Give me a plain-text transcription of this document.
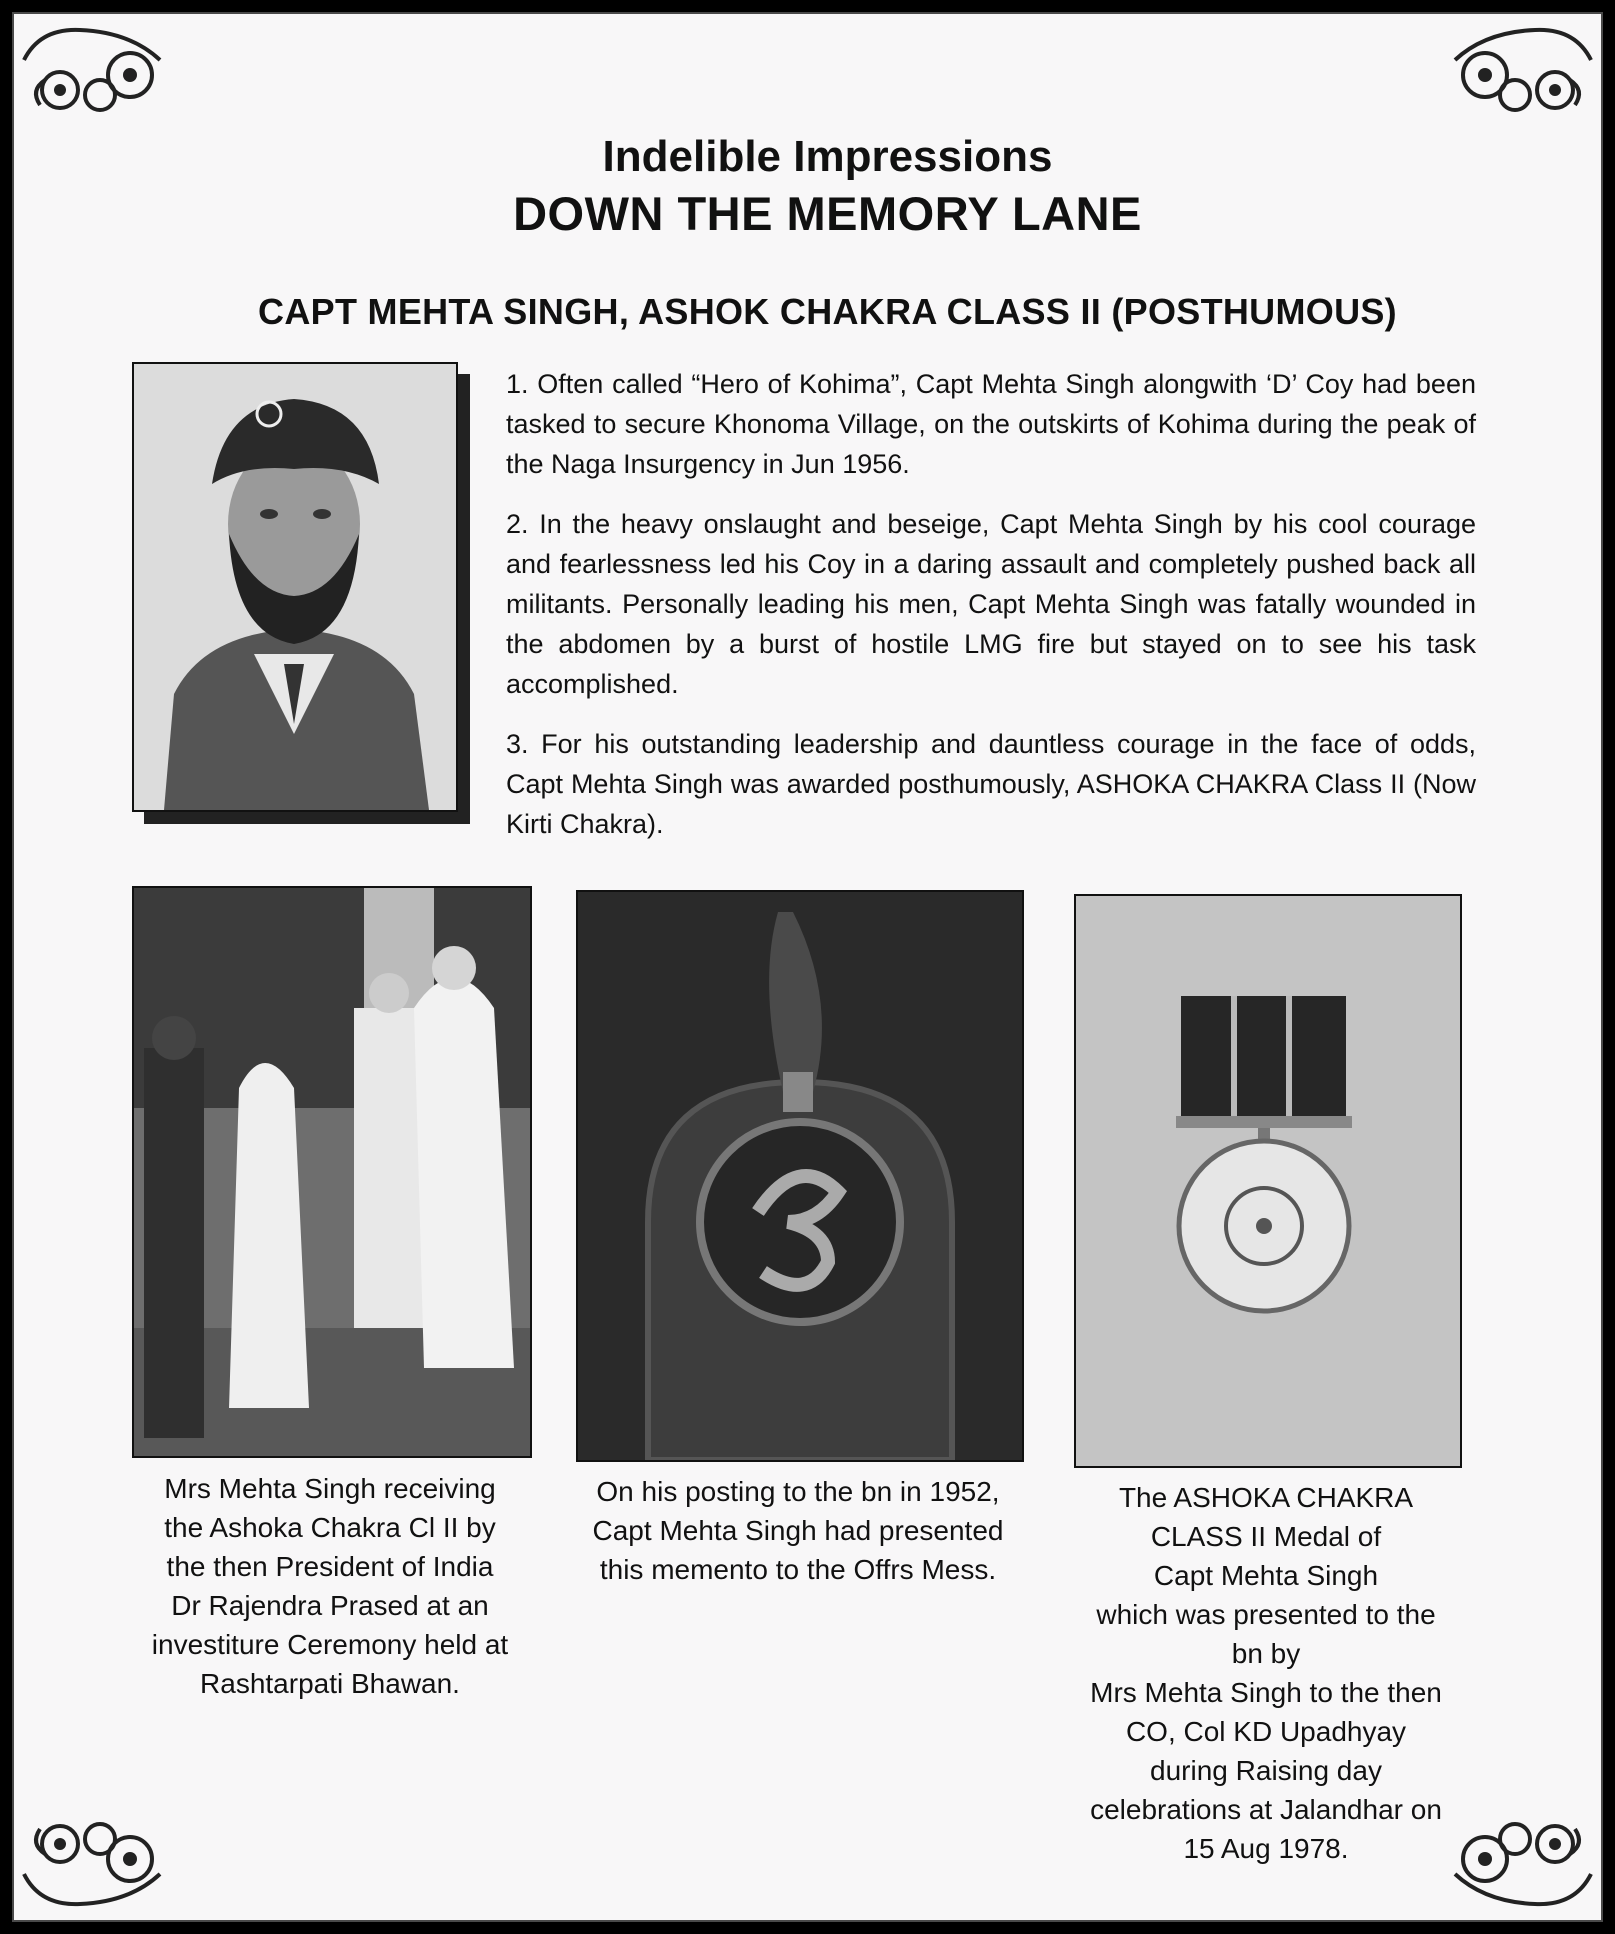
Indelible Impressions
DOWN THE MEMORY LANE
CAPT MEHTA SINGH, ASHOK CHAKRA CLASS II (POSTHUMOUS)

1. Often called “Hero of Kohima”, Capt Mehta Singh alongwith ‘D’ Coy had been tasked to secure Khonoma Village, on the outskirts of Kohima during the peak of the Naga Insurgency in Jun 1956.

2. In the heavy onslaught and beseige, Capt Mehta Singh by his cool courage and fearlessness led his Coy in a daring assault and completely pushed back all militants. Personally leading his men, Capt Mehta Singh was fatally wounded in the abdomen by a burst of hostile LMG fire but stayed on to see his task accomplished.

3. For his outstanding leadership and dauntless courage in the face of odds, Capt Mehta Singh was awarded posthumously, ASHOKA CHAKRA Class II (Now Kirti Chakra).

Mrs Mehta Singh receiving
the Ashoka Chakra Cl II by
the then President of India
Dr Rajendra Prased at an
investiture Ceremony held at
Rashtarpati Bhawan.
On his posting to the bn in 1952,
Capt Mehta Singh had presented
this memento to the Offrs Mess.
The ASHOKA CHAKRA
CLASS II Medal of
Capt Mehta Singh
which was presented to the
bn by
Mrs Mehta Singh to the then
CO, Col KD Upadhyay
during Raising day
celebrations at Jalandhar on
15 Aug 1978.
